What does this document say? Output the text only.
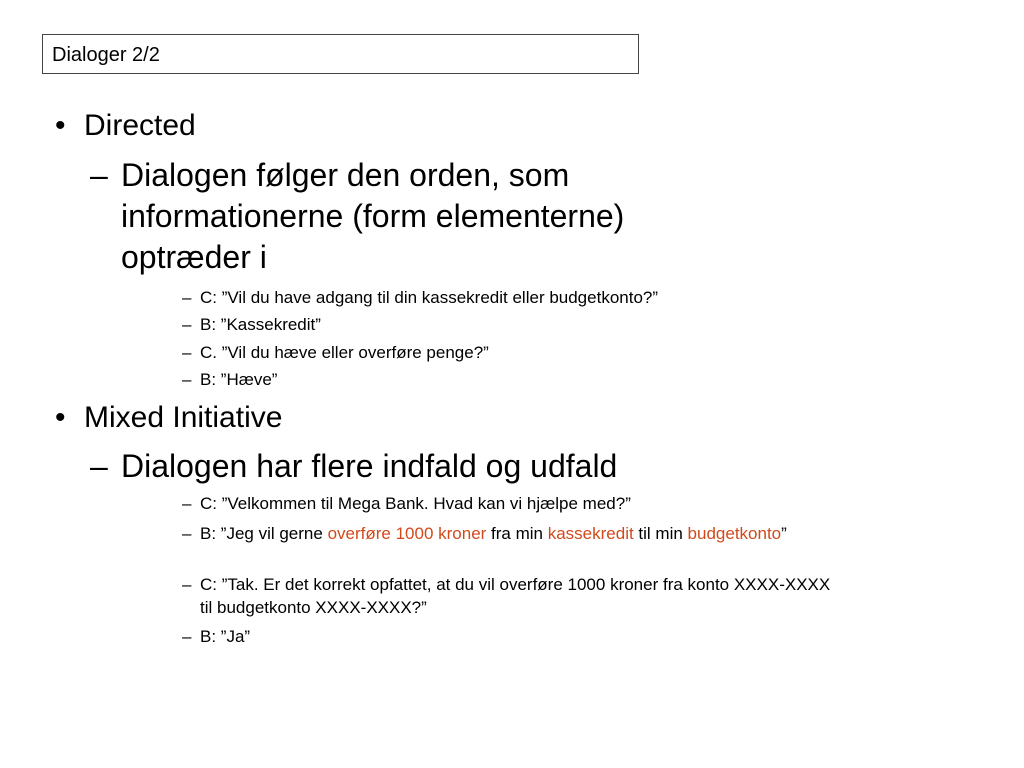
Dialoger 2/2
• Directed
– Dialogen følger den orden, som informationerne (form elementerne) optræder i
– C: ”Vil du have adgang til din kassekredit eller budgetkonto?”
– B: ”Kassekredit”
– C. ”Vil du hæve eller overføre penge?”
– B: ”Hæve”
• Mixed Initiative
– Dialogen har flere indfald og udfald
– C: ”Velkommen til Mega Bank. Hvad kan vi hjælpe med?”
– B: ”Jeg vil gerne overføre 1000 kroner fra min kassekredit til min budgetkonto”
– C: ”Tak. Er det korrekt opfattet, at du vil overføre 1000 kroner fra konto XXXX-XXXX til budgetkonto XXXX-XXXX?”
– B: ”Ja”
